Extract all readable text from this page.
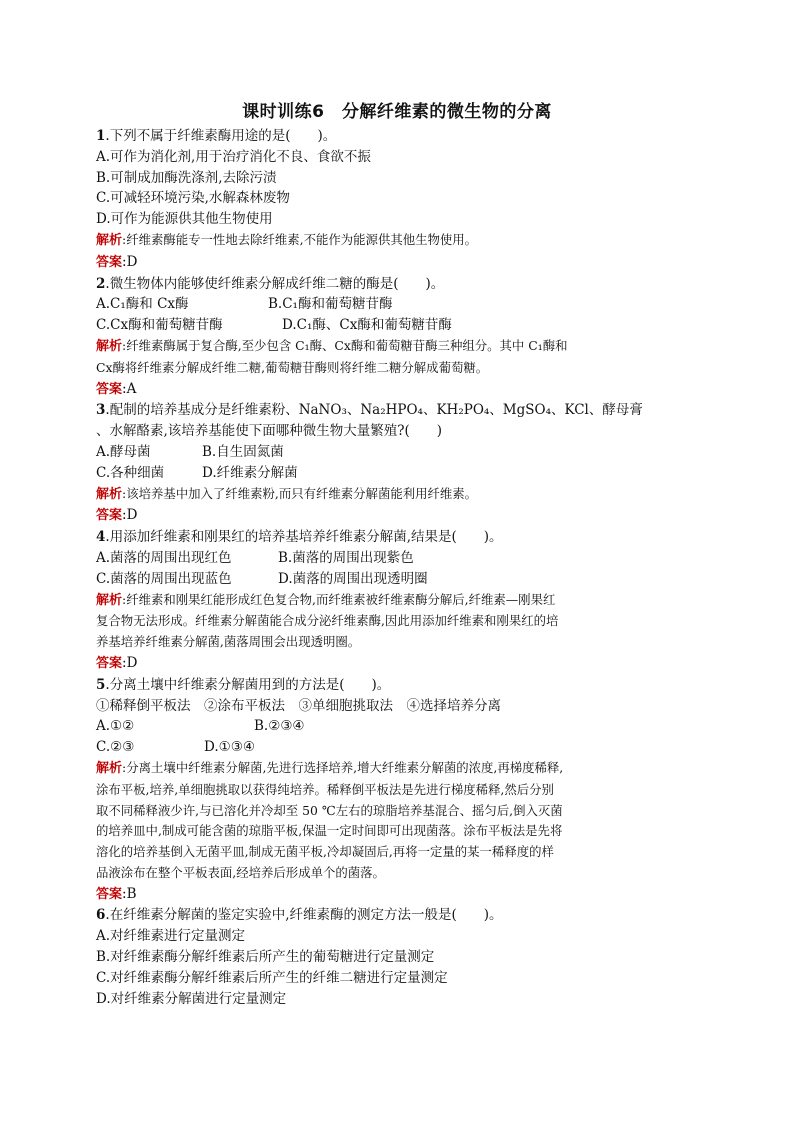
课时训练6　分解纤维素的微生物的分离
1.下列不属于纤维素酶用途的是(　　)。
A.可作为消化剂,用于治疗消化不良、食欲不振
B.可制成加酶洗涤剂,去除污渍
C.可减轻环境污染,水解森林废物
D.可作为能源供其他生物使用
解析:纤维素酶能专一性地去除纤维素,不能作为能源供其他生物使用。
答案:D
2.微生物体内能够使纤维素分解成纤维二糖的酶是(　　)。
A.C₁酶和 Cx酶	B.C₁酶和葡萄糖苷酶
C.Cx酶和葡萄糖苷酶	D.C₁酶、Cx酶和葡萄糖苷酶
解析:纤维素酶属于复合酶,至少包含 C₁酶、Cx酶和葡萄糖苷酶三种组分。其中 C₁酶和
Cx酶将纤维素分解成纤维二糖,葡萄糖苷酶则将纤维二糖分解成葡萄糖。
答案:A
3.配制的培养基成分是纤维素粉、NaNO₃、Na₂HPO₄、KH₂PO₄、MgSO₄、KCl、酵母膏
、水解酪素,该培养基能使下面哪种微生物大量繁殖?(　　)
A.酵母菌	B.自生固氮菌
C.各种细菌	D.纤维素分解菌
解析:该培养基中加入了纤维素粉,而只有纤维素分解菌能利用纤维素。
答案:D
4.用添加纤维素和刚果红的培养基培养纤维素分解菌,结果是(　　)。
A.菌落的周围出现红色	B.菌落的周围出现紫色
C.菌落的周围出现蓝色	D.菌落的周围出现透明圈
解析:纤维素和刚果红能形成红色复合物,而纤维素被纤维素酶分解后,纤维素—刚果红
复合物无法形成。纤维素分解菌能合成分泌纤维素酶,因此用添加纤维素和刚果红的培
养基培养纤维素分解菌,菌落周围会出现透明圈。
答案:D
5.分离土壤中纤维素分解菌用到的方法是(　　)。
①稀释倒平板法　②涂布平板法　③单细胞挑取法　④选择培养分离
A.①②	B.②③④
C.②③	D.①③④
解析:分离土壤中纤维素分解菌,先进行选择培养,增大纤维素分解菌的浓度,再梯度稀释,
涂布平板,培养,单细胞挑取以获得纯培养。稀释倒平板法是先进行梯度稀释,然后分别
取不同稀释液少许,与已溶化并冷却至 50 ℃左右的琼脂培养基混合、摇匀后,倒入灭菌
的培养皿中,制成可能含菌的琼脂平板,保温一定时间即可出现菌落。涂布平板法是先将
溶化的培养基倒入无菌平皿,制成无菌平板,冷却凝固后,再将一定量的某一稀释度的样
品液涂布在整个平板表面,经培养后形成单个的菌落。
答案:B
6.在纤维素分解菌的鉴定实验中,纤维素酶的测定方法一般是(　　)。
A.对纤维素进行定量测定
B.对纤维素酶分解纤维素后所产生的葡萄糖进行定量测定
C.对纤维素酶分解纤维素后所产生的纤维二糖进行定量测定
D.对纤维素分解菌进行定量测定
